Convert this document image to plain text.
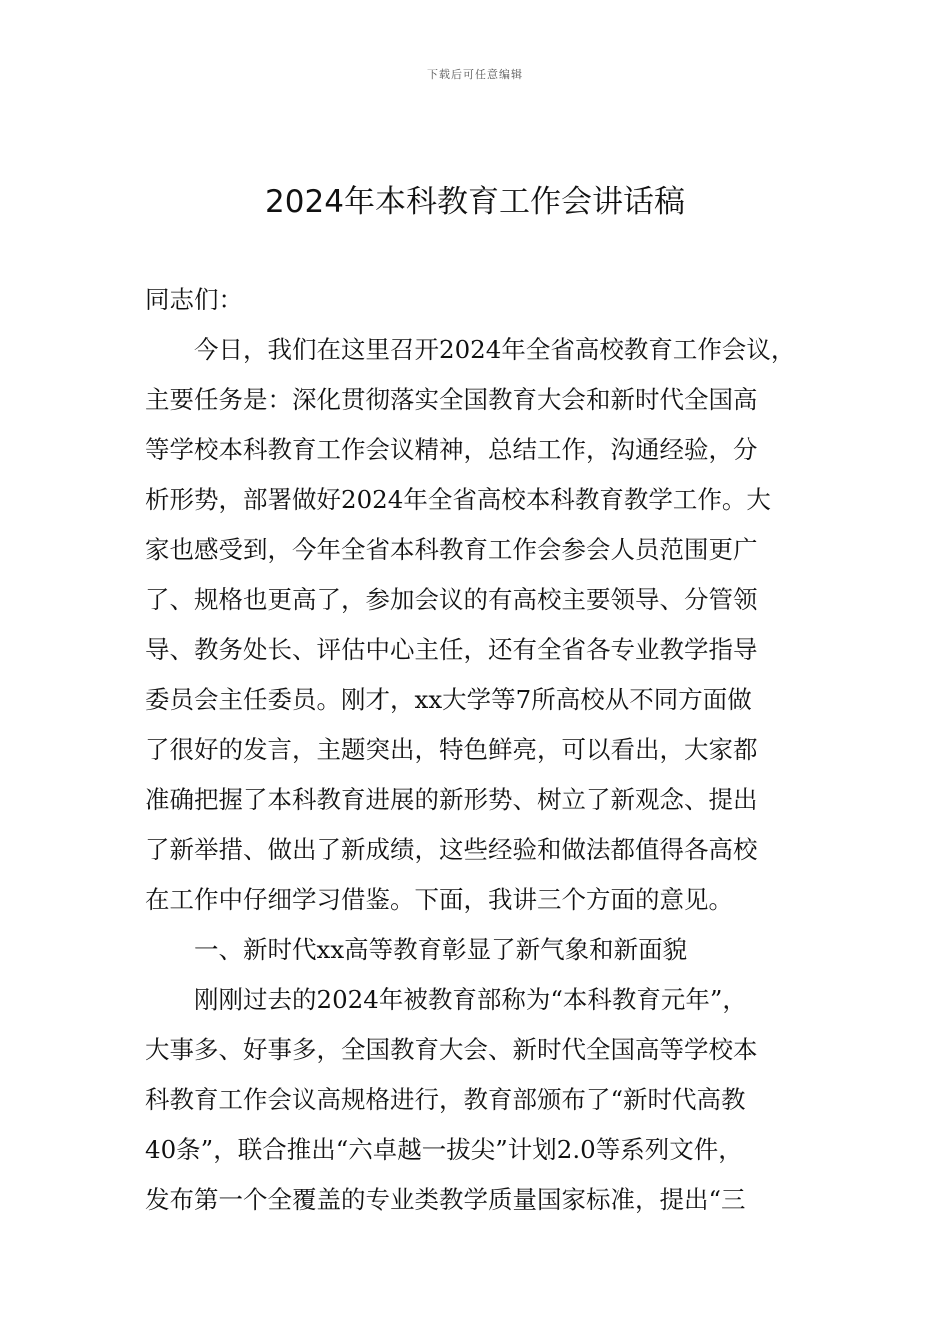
下载后可任意编辑
2024年本科教育工作会讲话稿
同志们：
今日，我们在这里召开2024年全省高校教育工作会议，
主要任务是：深化贯彻落实全国教育大会和新时代全国高
等学校本科教育工作会议精神，总结工作，沟通经验，分
析形势，部署做好2024年全省高校本科教育教学工作。大
家也感受到，今年全省本科教育工作会参会人员范围更广
了、规格也更高了，参加会议的有高校主要领导、分管领
导、教务处长、评估中心主任，还有全省各专业教学指导
委员会主任委员。刚才，xx大学等7所高校从不同方面做
了很好的发言，主题突出，特色鲜亮，可以看出，大家都
准确把握了本科教育进展的新形势、树立了新观念、提出
了新举措、做出了新成绩，这些经验和做法都值得各高校
在工作中仔细学习借鉴。下面，我讲三个方面的意见。
一、新时代xx高等教育彰显了新气象和新面貌
刚刚过去的2024年被教育部称为“本科教育元年”，
大事多、好事多，全国教育大会、新时代全国高等学校本
科教育工作会议高规格进行，教育部颁布了“新时代高教
40条”，联合推出“六卓越一拔尖”计划2.0等系列文件，
发布第一个全覆盖的专业类教学质量国家标准，提出“三
